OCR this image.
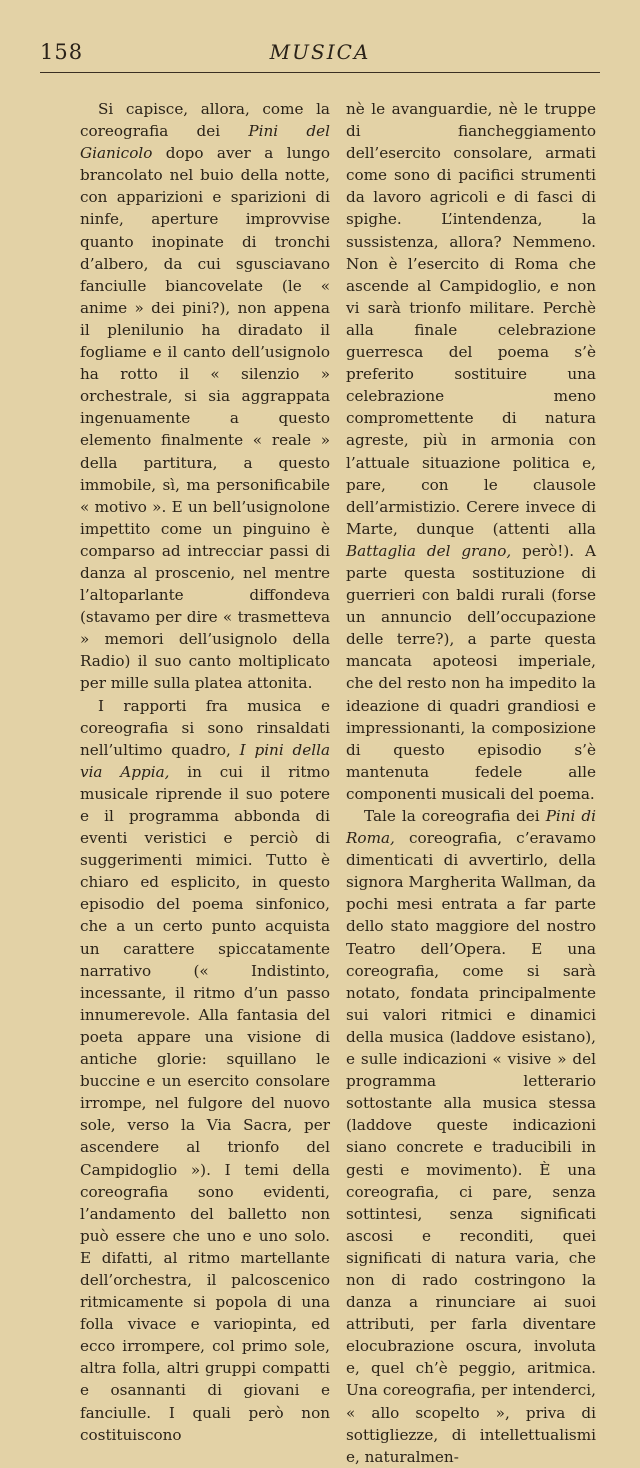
158	MUSICA

Si capisce, allora, come la coreografia dei Pini del Gianicolo dopo aver a lungo brancolato nel buio della notte, con apparizioni e sparizioni di ninfe, aperture improvvise quanto inopinate di tronchi d’albero, da cui sgusciavano fanciulle biancovelate (le « anime » dei pini?), non appena il plenilunio ha diradato il fogliame e il canto dell’usignolo ha rotto il « silenzio » orchestrale, si sia aggrappata ingenuamente a questo elemento finalmente « reale » della partitura, a questo immobile, sì, ma personificabile « motivo ». E un bell’usignolone impettito come un pinguino è comparso ad intrecciar passi di danza al proscenio, nel mentre l’altoparlante diffondeva (stavamo per dire « trasmetteva » memori dell’usignolo della Radio) il suo canto moltiplicato per mille sulla platea attonita.

I rapporti fra musica e coreografia si sono rinsaldati nell’ultimo quadro, I pini della via Appia, in cui il ritmo musicale riprende il suo potere e il programma abbonda di eventi veristici e perciò di suggerimenti mimici. Tutto è chiaro ed esplicito, in questo episodio del poema sinfonico, che a un certo punto acquista un carattere spiccatamente narrativo (« Indistinto, incessante, il ritmo d’un passo innumerevole. Alla fantasia del poeta appare una visione di antiche glorie: squillano le buccine e un esercito consolare irrompe, nel fulgore del nuovo sole, verso la Via Sacra, per ascendere al trionfo del Campidoglio »). I temi della coreografia sono evidenti, l’andamento del balletto non può essere che uno e uno solo. E difatti, al ritmo martellante dell’orchestra, il palcoscenico ritmicamente si popola di una folla vivace e variopinta, ed ecco irrompere, col primo sole, altra folla, altri gruppi compatti e osannanti di giovani e fanciulle. I quali però non costituiscono

nè le avanguardie, nè le truppe di fiancheggiamento dell’esercito consolare, armati come sono di pacifici strumenti da lavoro agricoli e di fasci di spighe. L’intendenza, la sussistenza, allora? Nemmeno. Non è l’esercito di Roma che ascende al Campidoglio, e non vi sarà trionfo militare. Perchè alla finale celebrazione guerresca del poema s’è preferito sostituire una celebrazione meno compromettente di natura agreste, più in armonia con l’attuale situazione politica e, pare, con le clausole dell’armistizio. Cerere invece di Marte, dunque (attenti alla Battaglia del grano, però!). A parte questa sostituzione di guerrieri con baldi rurali (forse un annuncio dell’occupazione delle terre?), a parte questa mancata apoteosi imperiale, che del resto non ha impedito la ideazione di quadri grandiosi e impressionanti, la composizione di questo episodio s’è mantenuta fedele alle componenti musicali del poema.

Tale la coreografia dei Pini di Roma, coreografia, c’eravamo dimenticati di avvertirlo, della signora Margherita Wallman, da pochi mesi entrata a far parte dello stato maggiore del nostro Teatro dell’Opera. E una coreografia, come si sarà notato, fondata principalmente sui valori ritmici e dinamici della musica (laddove esistano), e sulle indicazioni « visive » del programma letterario sottostante alla musica stessa (laddove queste indicazioni siano concrete e traducibili in gesti e movimento). È una coreografia, ci pare, senza sottintesi, senza significati ascosi e reconditi, quei significati di natura varia, che non di rado costringono la danza a rinunciare ai suoi attributi, per farla diventare elocubrazione oscura, involuta e, quel ch’è peggio, aritmica. Una coreografia, per intenderci, « allo scopelto », priva di sottigliezze, di intellettualismi e, naturalmen-
